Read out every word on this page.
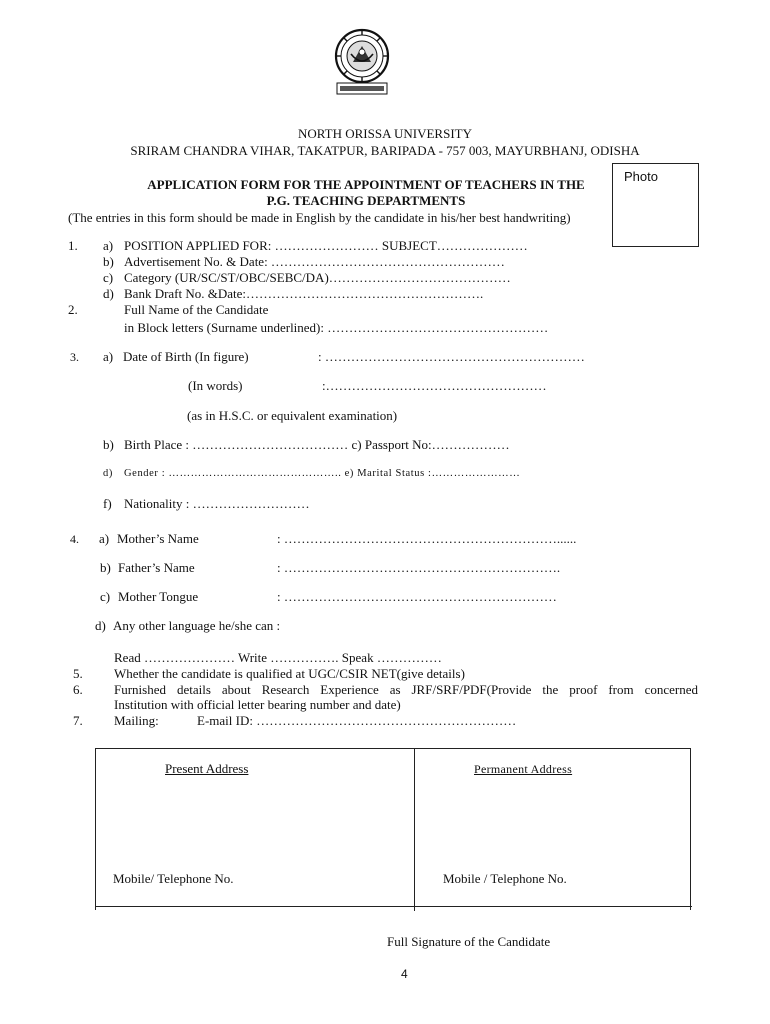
NORTH ORISSA UNIVERSITY
SRIRAM CHANDRA VIHAR, TAKATPUR, BARIPADA - 757 003, MAYURBHANJ, ODISHA
APPLICATION FORM FOR THE APPOINTMENT OF TEACHERS IN THE
P.G. TEACHING DEPARTMENTS
(The entries in this form should be made in English by the candidate in his/her best handwriting)
Photo
1. a) POSITION APPLIED FOR: …………………… SUBJECT…………………
b) Advertisement No. & Date: ………………………………………………
c) Category (UR/SC/ST/OBC/SEBC/DA)……………………………………
d) Bank Draft No. &Date:……………………………………………….
2.	Full Name of the Candidate
in Block letters (Surname underlined): ……………………………………………
3. a) Date of Birth (In figure)	: ……………………………………………………
(In words)	:……………………………………………
(as in H.S.C. or equivalent examination)
b) Birth Place : ……………………………… c) Passport No:………………
d) Gender : ……………………………………….. e) Marital Status :……………………
f) Nationality : ………………………
4. a) Mother’s Name	: ………………………………………………………......
b) Father’s Name	: ……………………………………………………….
c) Mother Tongue	: ………………………………………………………
d) Any other language he/she can :
Read ………………… Write ……………. Speak ……………
5. Whether the candidate is qualified at UGC/CSIR NET(give details)
6. Furnished details about Research Experience as JRF/SRF/PDF(Provide the proof from concerned
Institution with official letter bearing number and date)
7. Mailing:	E-mail ID: ……………………………………………………
Present Address	Permanent Address
Mobile/ Telephone No.	Mobile / Telephone No.
Full Signature of the Candidate
4
